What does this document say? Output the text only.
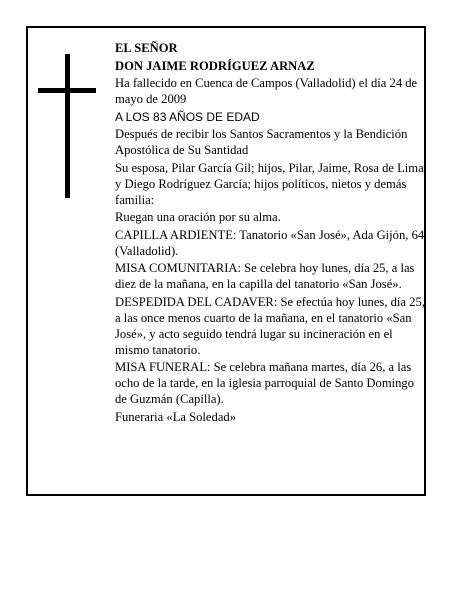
EL SEÑOR

DON JAIME RODRÍGUEZ ARNAZ

Ha fallecido en Cuenca de Campos (Valladolid) el día 24 de mayo de 2009

A LOS 83 AÑOS DE EDAD

Después de recibir los Santos Sacramentos y la Bendición Apostólica de Su Santidad

Su esposa, Pilar García Gil; hijos, Pilar, Jaime, Rosa de Lima y Diego Rodríguez García; hijos políticos, nietos y demás familia:

Ruegan una oración por su alma.

CAPILLA ARDIENTE: Tanatorio «San José», Ada Gijón, 64 (Valladolid).

MISA COMUNITARIA: Se celebra hoy lunes, día 25, a las diez de la mañana, en la capilla del tanatorio «San José».

DESPEDIDA DEL CADAVER: Se efectúa hoy lunes, día 25, a las once menos cuarto de la mañana, en el tanatorio «San José», y acto seguido tendrá lugar su incineración en el mismo tanatorio.

MISA FUNERAL: Se celebra mañana martes, día 26, a las ocho de la tarde, en la iglesia parroquial de Santo Domingo de Guzmán (Capilla).

Funeraria «La Soledad»
